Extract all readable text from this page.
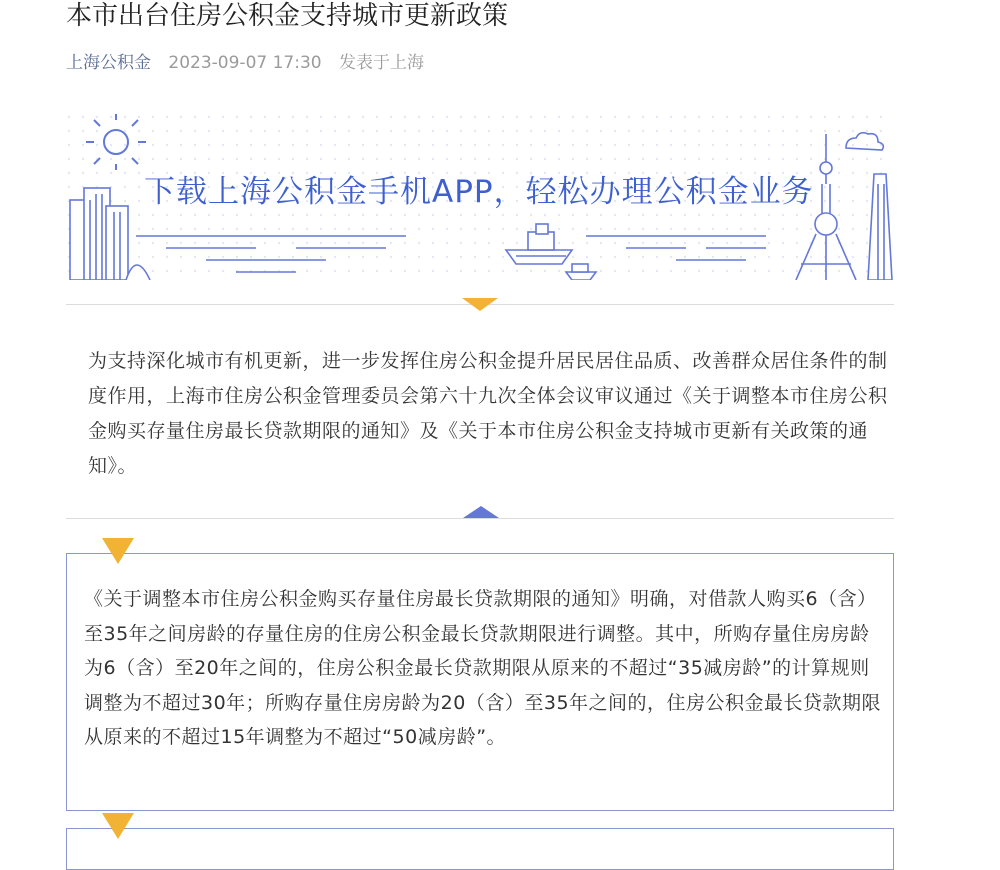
本市出台住房公积金支持城市更新政策
上海公积金 2023-09-07 17:30 发表于上海
下载上海公积金手机APP，轻松办理公积金业务
为支持深化城市有机更新，进一步发挥住房公积金提升居民居住品质、改善群众居住条件的制度作用，上海市住房公积金管理委员会第六十九次全体会议审议通过《关于调整本市住房公积金购买存量住房最长贷款期限的通知》及《关于本市住房公积金支持城市更新有关政策的通知》。
《关于调整本市住房公积金购买存量住房最长贷款期限的通知》明确，对借款人购买6（含）至35年之间房龄的存量住房的住房公积金最长贷款期限进行调整。其中，所购存量住房房龄为6（含）至20年之间的，住房公积金最长贷款期限从原来的不超过“35减房龄”的计算规则调整为不超过30年；所购存量住房房龄为20（含）至35年之间的，住房公积金最长贷款期限从原来的不超过15年调整为不超过“50减房龄”。
